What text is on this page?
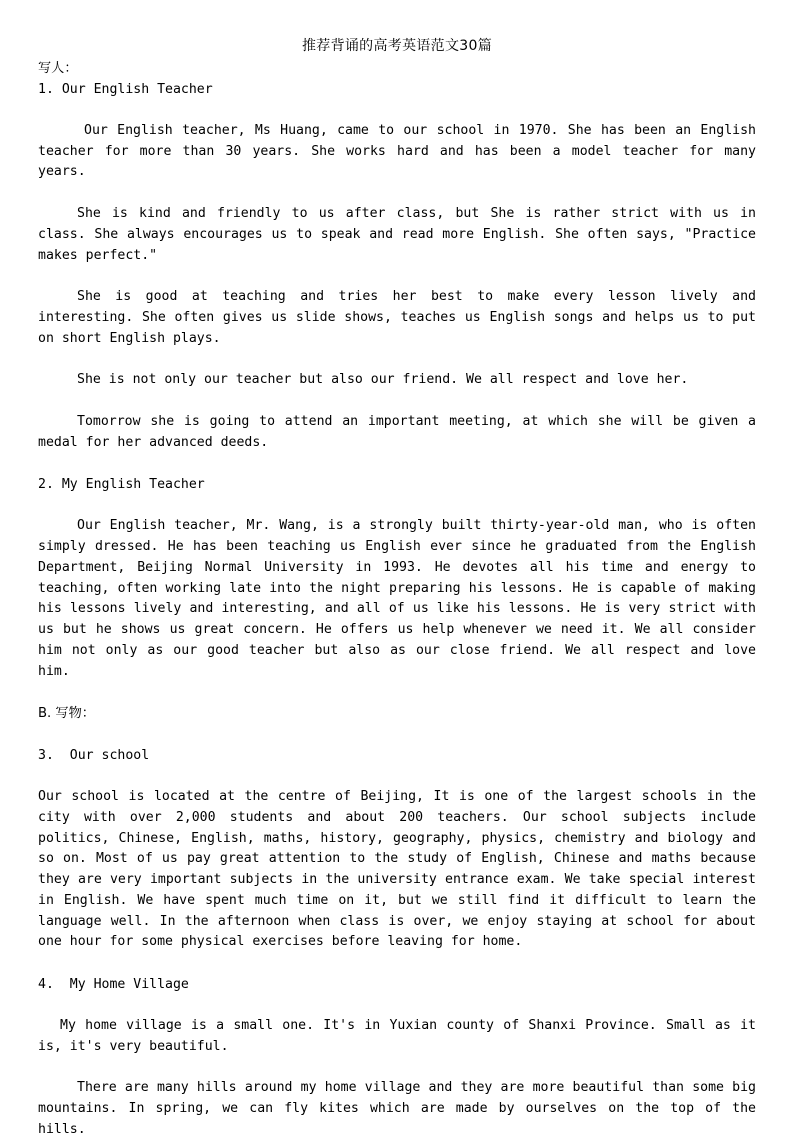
推荐背诵的高考英语范文30篇

写人：

1. Our English Teacher

Our English teacher, Ms Huang, came to our school in 1970. She has been an English teacher for more than 30 years. She works hard and has been a model teacher for many years.

She is kind and friendly to us after class, but She is rather strict with us in class. She always encourages us to speak and read more English. She often says, "Practice makes perfect."

She is good at teaching and tries her best to make every lesson lively and interesting. She often gives us slide shows, teaches us English songs and helps us to put on short English plays.

She is not only our teacher but also our friend. We all respect and love her.

Tomorrow she is going to attend an important meeting, at which she will be given a medal for her advanced deeds.

2. My English Teacher

Our English teacher, Mr. Wang, is a strongly built thirty-year-old man, who is often simply dressed. He has been teaching us English ever since he graduated from the English Department, Beijing Normal University in 1993. He devotes all his time and energy to teaching, often working late into the night preparing his lessons. He is capable of making his lessons lively and interesting, and all of us like his lessons. He is very strict with us but he shows us great concern. He offers us help whenever we need it. We all consider him not only as our good teacher but also as our close friend. We all respect and love him.

B. 写物：

3.  Our school

Our school is located at the centre of Beijing, It is one of the largest schools in the city with over 2,000 students and about 200 teachers. Our school subjects include politics, Chinese, English, maths, history, geography, physics, chemistry and biology and so on. Most of us pay great attention to the study of English, Chinese and maths because they are very important subjects in the university entrance exam. We take special interest in English. We have spent much time on it, but we still find it difficult to learn the language well. In the afternoon when class is over, we enjoy staying at school for about one hour for some physical exercises before leaving for home.

4.  My Home Village

My home village is a small one. It's in Yuxian county of Shanxi Province. Small as it is, it's very beautiful.

There are many hills around my home village and they are more beautiful than some big mountains. In spring, we can fly kites which are made by ourselves on the top of the hills.
